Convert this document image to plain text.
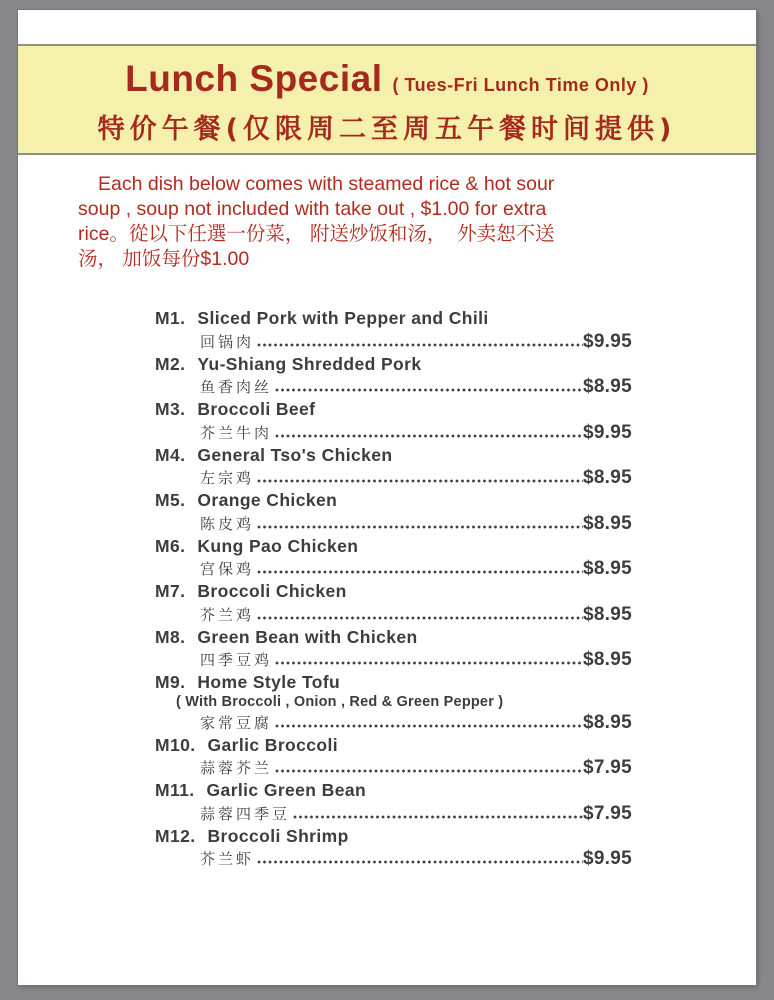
Lunch Special ( Tues-Fri Lunch Time Only )
特价午餐(仅限周二至周五午餐时间提供)
Each dish below comes with steamed rice & hot sour
soup , soup not included with take out , $1.00 for extra
rice。從以下任選一份菜， 附送炒饭和汤，  外卖恕不送
汤， 加饭每份$1.00
M1. Sliced Pork with Pepper and Chili
回锅肉	$9.95
M2. Yu-Shiang Shredded Pork
鱼香肉丝	$8.95
M3. Broccoli Beef
芥兰牛肉	$9.95
M4. General Tso's Chicken
左宗鸡	$8.95
M5. Orange Chicken
陈皮鸡	$8.95
M6. Kung Pao Chicken
宫保鸡	$8.95
M7. Broccoli Chicken
芥兰鸡	$8.95
M8. Green Bean with Chicken
四季豆鸡	$8.95
M9. Home Style Tofu
( With Broccoli , Onion , Red & Green Pepper )
家常豆腐	$8.95
M10. Garlic Broccoli
蒜蓉芥兰	$7.95
M11. Garlic Green Bean
蒜蓉四季豆	$7.95
M12. Broccoli Shrimp
芥兰虾	$9.95
